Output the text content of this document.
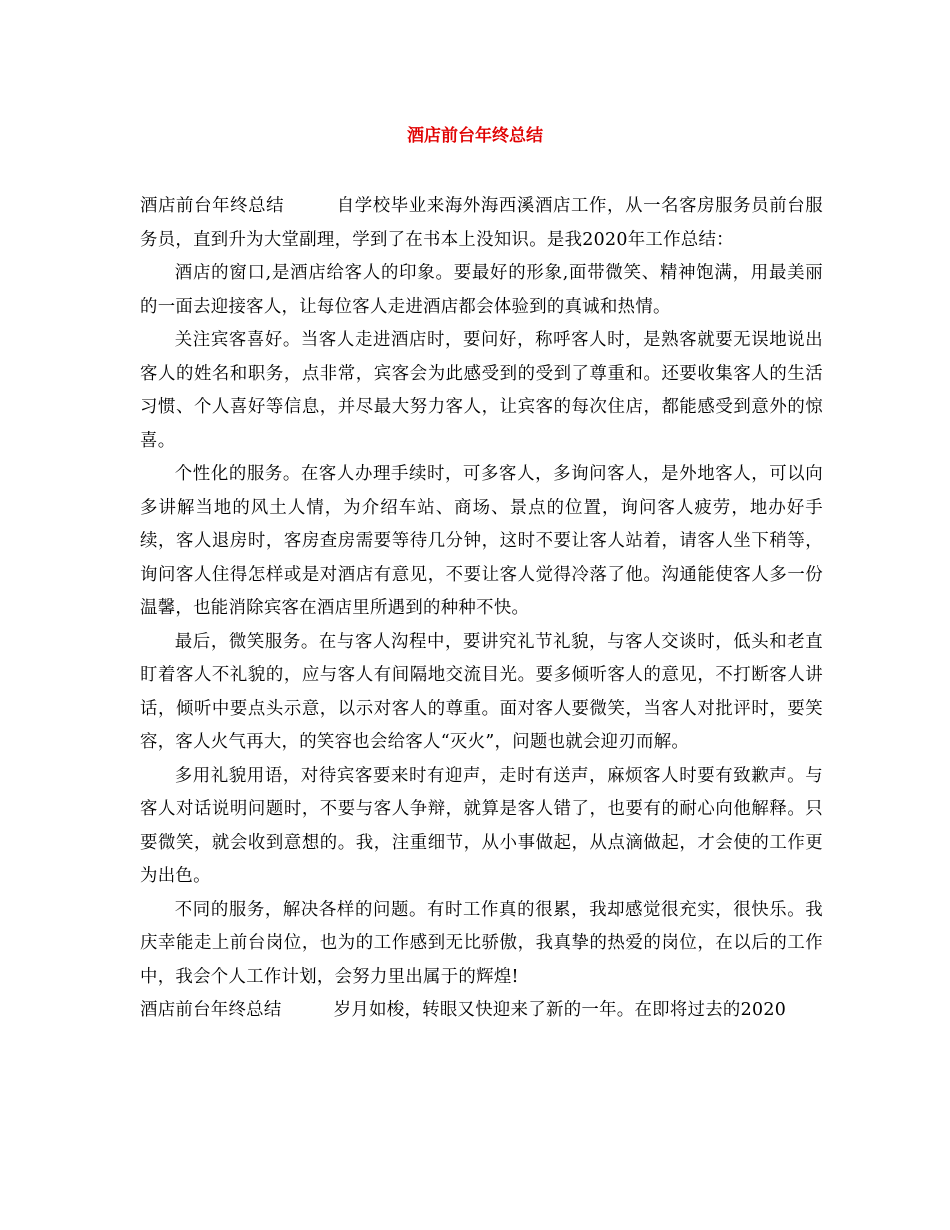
酒店前台年终总结

酒店前台年终总结	自学校毕业来海外海西溪酒店工作，从一名客房服务员前台服务员，直到升为大堂副理，学到了在书本上没知识。是我2020年工作总结：

酒店的窗口,是酒店给客人的印象。要最好的形象,面带微笑、精神饱满，用最美丽的一面去迎接客人，让每位客人走进酒店都会体验到的真诚和热情。

关注宾客喜好。当客人走进酒店时，要问好，称呼客人时，是熟客就要无误地说出客人的姓名和职务，点非常，宾客会为此感受到的受到了尊重和。还要收集客人的生活习惯、个人喜好等信息，并尽最大努力客人，让宾客的每次住店，都能感受到意外的惊喜。

个性化的服务。在客人办理手续时，可多客人，多询问客人，是外地客人，可以向多讲解当地的风土人情，为介绍车站、商场、景点的位置，询问客人疲劳，地办好手续，客人退房时，客房查房需要等待几分钟，这时不要让客人站着，请客人坐下稍等，询问客人住得怎样或是对酒店有意见，不要让客人觉得冷落了他。沟通能使客人多一份温馨，也能消除宾客在酒店里所遇到的种种不快。

最后，微笑服务。在与客人沟程中，要讲究礼节礼貌，与客人交谈时，低头和老直盯着客人不礼貌的，应与客人有间隔地交流目光。要多倾听客人的意见，不打断客人讲话，倾听中要点头示意，以示对客人的尊重。面对客人要微笑，当客人对批评时，要笑容，客人火气再大，的笑容也会给客人“灭火”，问题也就会迎刃而解。

多用礼貌用语，对待宾客要来时有迎声，走时有送声，麻烦客人时要有致歉声。与客人对话说明问题时，不要与客人争辩，就算是客人错了，也要有的耐心向他解释。只要微笑，就会收到意想的。我，注重细节，从小事做起，从点滴做起，才会使的工作更为出色。

不同的服务，解决各样的问题。有时工作真的很累，我却感觉很充实，很快乐。我庆幸能走上前台岗位，也为的工作感到无比骄傲，我真挚的热爱的岗位，在以后的工作中，我会个人工作计划，会努力里出属于的辉煌!

酒店前台年终总结	岁月如梭，转眼又快迎来了新的一年。在即将过去的2020
